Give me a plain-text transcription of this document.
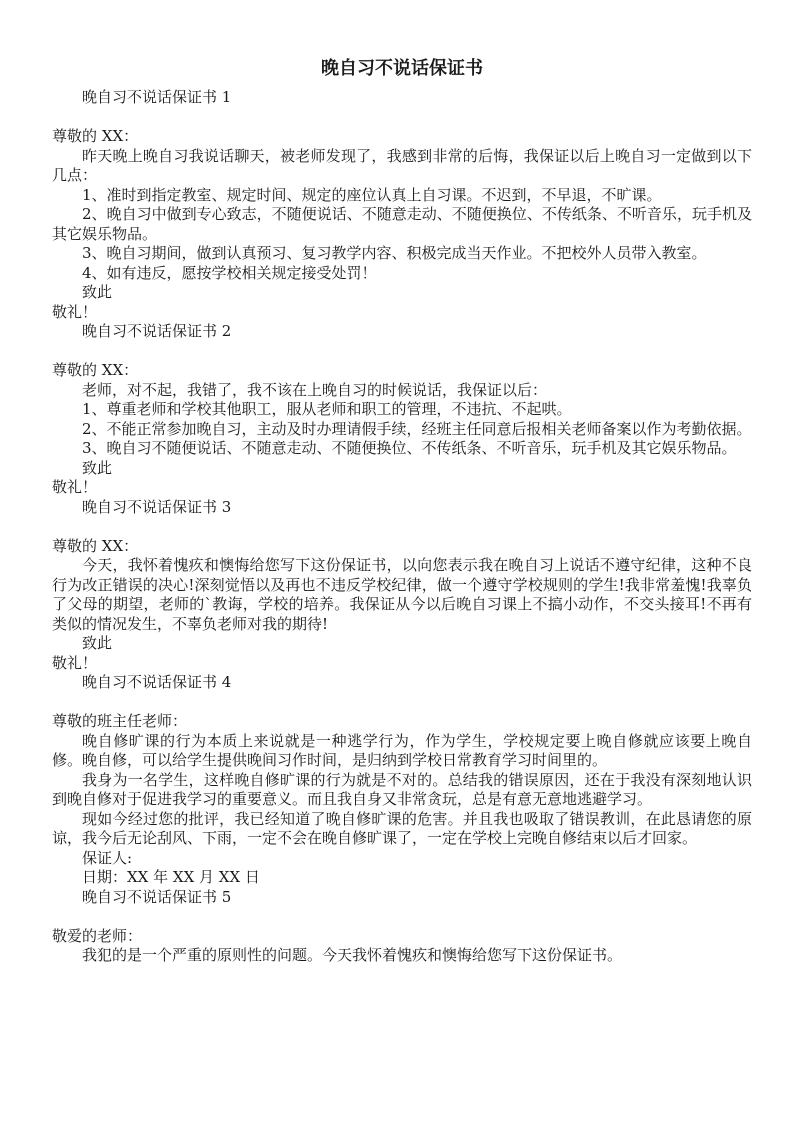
晚自习不说话保证书

晚自习不说话保证书 1

尊敬的 XX：

昨天晚上晚自习我说话聊天，被老师发现了，我感到非常的后悔，我保证以后上晚自习一定做到以下几点：

1、准时到指定教室、规定时间、规定的座位认真上自习课。不迟到，不早退，不旷课。

2、晚自习中做到专心致志，不随便说话、不随意走动、不随便换位、不传纸条、不听音乐，玩手机及其它娱乐物品。

3、晚自习期间，做到认真预习、复习教学内容、积极完成当天作业。不把校外人员带入教室。

4、如有违反，愿按学校相关规定接受处罚！

致此

敬礼！

晚自习不说话保证书 2

尊敬的 XX：

老师，对不起，我错了，我不该在上晚自习的时候说话，我保证以后：

1、尊重老师和学校其他职工，服从老师和职工的管理，不违抗、不起哄。

2、不能正常参加晚自习，主动及时办理请假手续，经班主任同意后报相关老师备案以作为考勤依据。

3、晚自习不随便说话、不随意走动、不随便换位、不传纸条、不听音乐，玩手机及其它娱乐物品。

致此

敬礼！

晚自习不说话保证书 3

尊敬的 XX：

今天，我怀着愧疚和懊悔给您写下这份保证书，以向您表示我在晚自习上说话不遵守纪律，这种不良行为改正错误的决心!深刻觉悟以及再也不违反学校纪律，做一个遵守学校规则的学生!我非常羞愧!我辜负了父母的期望，老师的`教诲，学校的培养。我保证从今以后晚自习课上不搞小动作，不交头接耳!不再有类似的情况发生，不辜负老师对我的期待!

致此

敬礼！

晚自习不说话保证书 4

尊敬的班主任老师：

晚自修旷课的行为本质上来说就是一种逃学行为，作为学生，学校规定要上晚自修就应该要上晚自修。晚自修，可以给学生提供晚间习作时间，是归纳到学校日常教育学习时间里的。

我身为一名学生，这样晚自修旷课的行为就是不对的。总结我的错误原因，还在于我没有深刻地认识到晚自修对于促进我学习的重要意义。而且我自身又非常贪玩，总是有意无意地逃避学习。

现如今经过您的批评，我已经知道了晚自修旷课的危害。并且我也吸取了错误教训，在此恳请您的原谅，我今后无论刮风、下雨，一定不会在晚自修旷课了，一定在学校上完晚自修结束以后才回家。

保证人:

日期：XX 年 XX 月 XX 日

晚自习不说话保证书 5

敬爱的老师：

我犯的是一个严重的原则性的问题。今天我怀着愧疚和懊悔给您写下这份保证书。
